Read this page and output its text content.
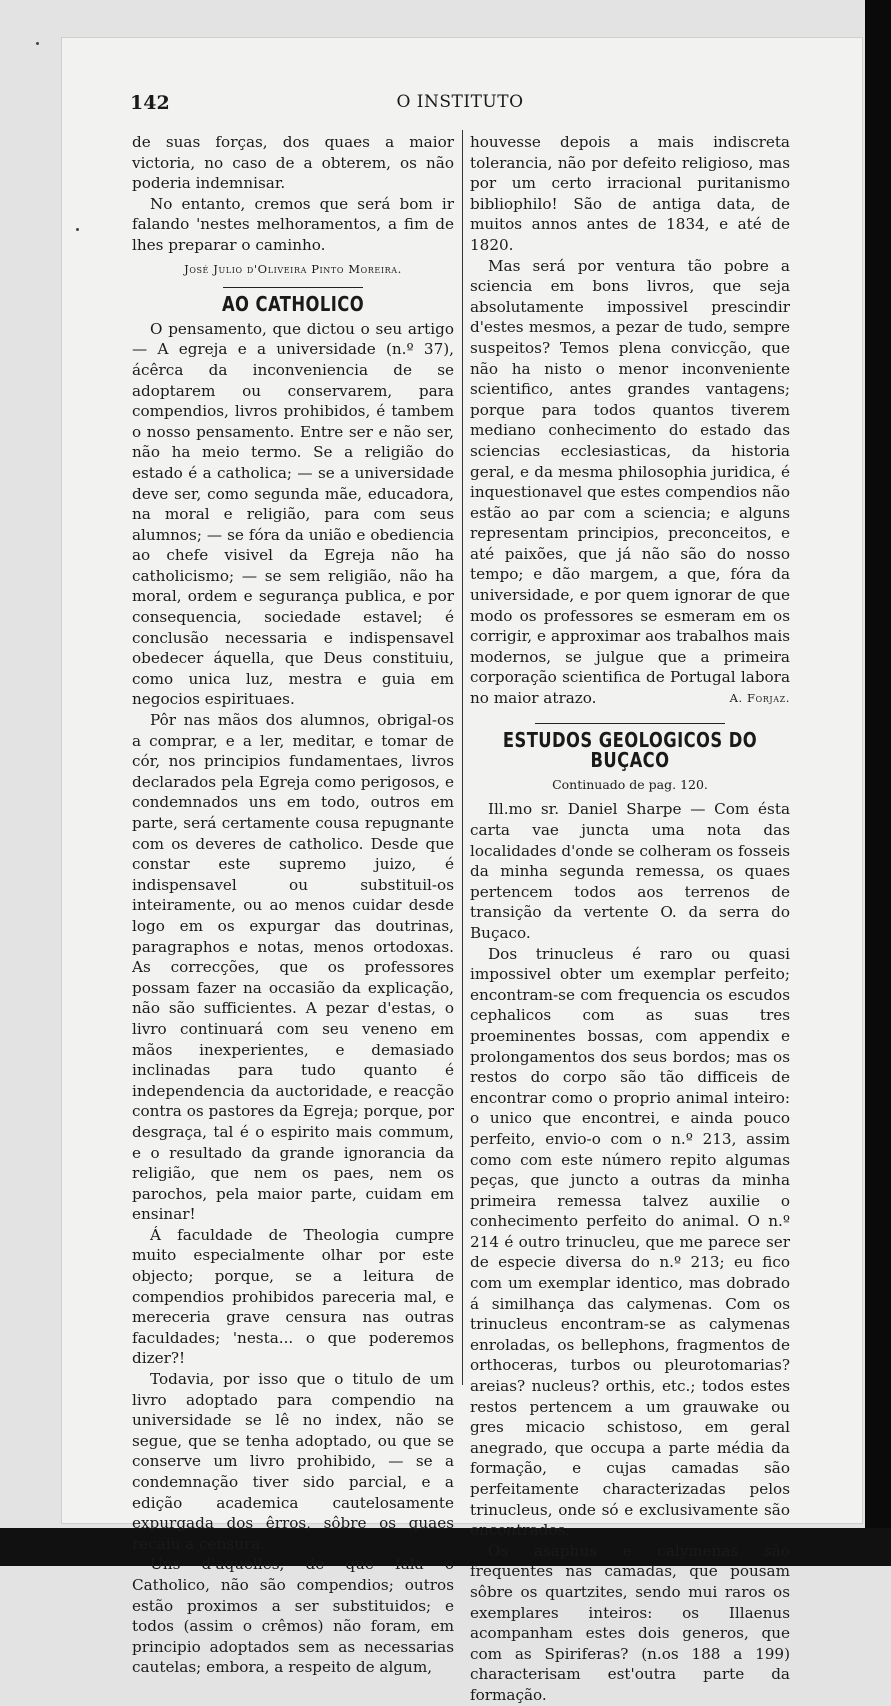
142	O INSTITUTO

de suas forças, dos quaes a maior victoria, no caso de a obterem, os não poderia indemnisar.

No entanto, cremos que será bom ir falando 'nestes melhoramentos, a fim de lhes preparar o caminho.

José Julio d'Oliveira Pinto Moreira.

AO CATHOLICO

O pensamento, que dictou o seu artigo — A egreja e a universidade (n.º 37), ácêrca da inconveniencia de se adoptarem ou conservarem, para compendios, livros prohibidos, é tambem o nosso pensamento. Entre ser e não ser, não ha meio termo. Se a religião do estado é a catholica; — se a universidade deve ser, como segunda mãe, educadora, na moral e religião, para com seus alumnos; — se fóra da união e obediencia ao chefe visivel da Egreja não ha catholicismo; — se sem religião, não ha moral, ordem e segurança publica, e por consequencia, sociedade estavel; é conclusão necessaria e indispensavel obedecer áquella, que Deus constituiu, como unica luz, mestra e guia em negocios espirituaes.

Pôr nas mãos dos alumnos, obrigal-os a comprar, e a ler, meditar, e tomar de cór, nos principios fundamentaes, livros declarados pela Egreja como perigosos, e condemnados uns em todo, outros em parte, será certamente cousa repugnante com os deveres de catholico. Desde que constar este supremo juizo, é indispensavel ou substituil-os inteiramente, ou ao menos cuidar desde logo em os expurgar das doutrinas, paragraphos e notas, menos ortodoxas. As correcções, que os professores possam fazer na occasião da explicação, não são sufficientes. A pezar d'estas, o livro continuará com seu veneno em mãos inexperientes, e demasiado inclinadas para tudo quanto é independencia da auctoridade, e reacção contra os pastores da Egreja; porque, por desgraça, tal é o espirito mais commum, e o resultado da grande ignorancia da religião, que nem os paes, nem os parochos, pela maior parte, cuidam em ensinar!

Á faculdade de Theologia cumpre muito especialmente olhar por este objecto; porque, se a leitura de compendios prohibidos pareceria mal, e mereceria grave censura nas outras faculdades; 'nesta... o que poderemos dizer?!

Todavia, por isso que o titulo de um livro adoptado para compendio na universidade se lê no index, não se segue, que se tenha adoptado, ou que se conserve um livro prohibido, — se a condemnação tiver sido parcial, e a edição academica cautelosamente expurgada dos êrros, sôbre os quaes recaiu a censura.

Uns d'aquelles, de que fala o Catholico, não são compendios; outros estão proximos a ser substituidos; e todos (assim o crêmos) não foram, em principio adoptados sem as necessarias cautelas; embora, a respeito de algum,

houvesse depois a mais indiscreta tolerancia, não por defeito religioso, mas por um certo irracional puritanismo bibliophilo! São de antiga data, de muitos annos antes de 1834, e até de 1820.

Mas será por ventura tão pobre a sciencia em bons livros, que seja absolutamente impossivel prescindir d'estes mesmos, a pezar de tudo, sempre suspeitos? Temos plena convicção, que não ha nisto o menor inconveniente scientifico, antes grandes vantagens; porque para todos quantos tiverem mediano conhecimento do estado das sciencias ecclesiasticas, da historia geral, e da mesma philosophia juridica, é inquestionavel que estes compendios não estão ao par com a sciencia; e alguns representam principios, preconceitos, e até paixões, que já não são do nosso tempo; e dão margem, a que, fóra da universidade, e por quem ignorar de que modo os professores se esmeram em os corrigir, e approximar aos trabalhos mais modernos, se julgue que a primeira corporação scientifica de Portugal labora no maior atrazo.	A. Forjaz.

ESTUDOS GEOLOGICOS DO BUÇACO
Continuado de pag. 120.

Ill.mo sr. Daniel Sharpe — Com ésta carta vae juncta uma nota das localidades d'onde se colheram os fosseis da minha segunda remessa, os quaes pertencem todos aos terrenos de transição da vertente O. da serra do Buçaco.

Dos trinucleus é raro ou quasi impossivel obter um exemplar perfeito; encontram-se com frequencia os escudos cephalicos com as suas tres proeminentes bossas, com appendix e prolongamentos dos seus bordos; mas os restos do corpo são tão difficeis de encontrar como o proprio animal inteiro: o unico que encontrei, e ainda pouco perfeito, envio-o com o n.º 213, assim como com este número repito algumas peças, que juncto a outras da minha primeira remessa talvez auxilie o conhecimento perfeito do animal. O n.º 214 é outro trinucleu, que me parece ser de especie diversa do n.º 213; eu fico com um exemplar identico, mas dobrado á similhança das calymenas. Com os trinucleus encontram-se as calymenas enroladas, os bellephons, fragmentos de orthoceras, turbos ou pleurotomarias? areias? nucleus? orthis, etc.; todos estes restos pertencem a um grauwake ou gres micacio schistoso, em geral anegrado, que occupa a parte média da formação, e cujas camadas são perfeitamente characterizadas pelos trinucleus, onde só e exclusivamente são encontrados.

Os asaphus e calymenas são frequentes nas camadas, que pousam sôbre os quartzites, sendo mui raros os exemplares inteiros: os Illaenus acompanham estes dois generos, que com as Spiriferas? (n.os 188 a 199) characterisam est'outra parte da formação.
